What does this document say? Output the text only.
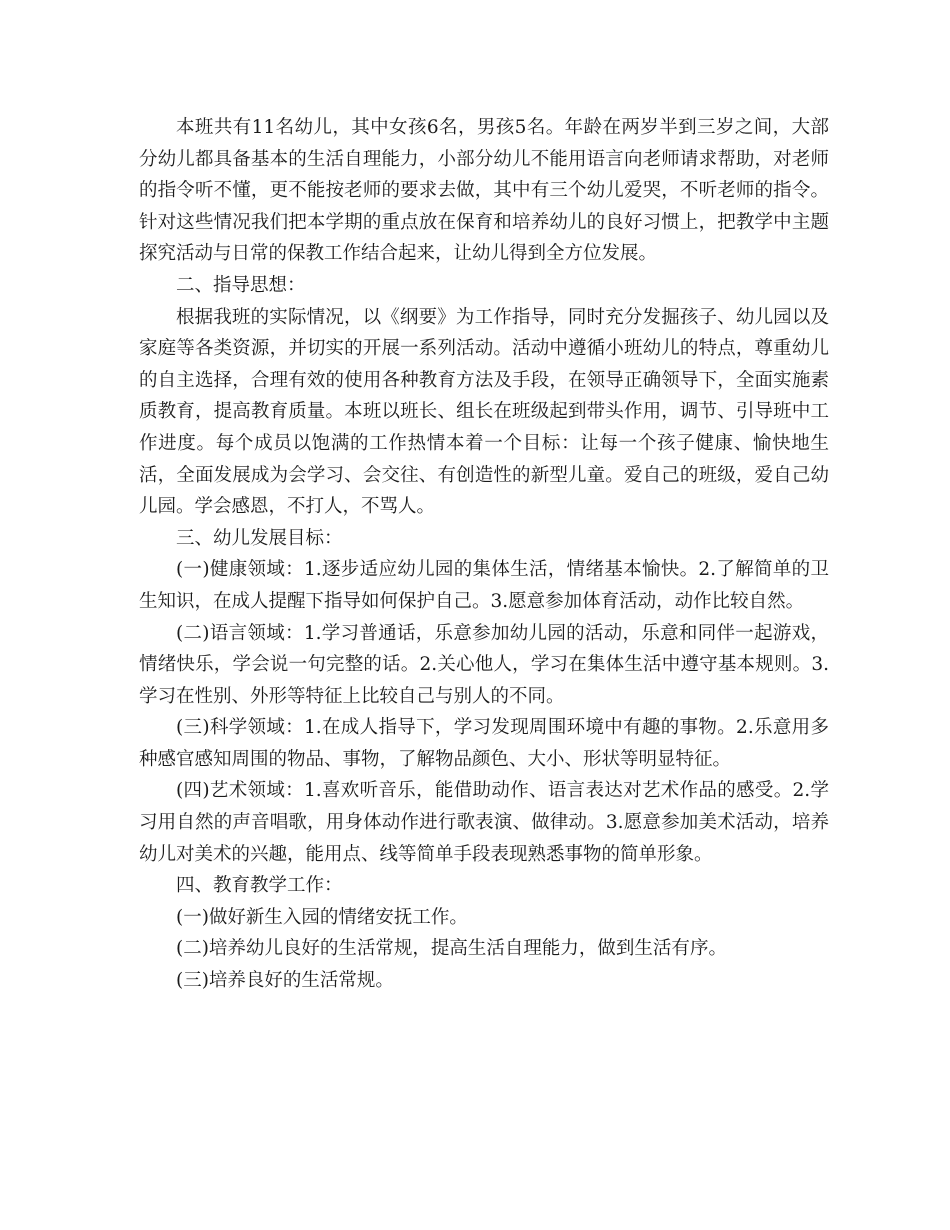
本班共有11名幼儿，其中女孩6名，男孩5名。年龄在两岁半到三岁之间，大部分幼儿都具备基本的生活自理能力，小部分幼儿不能用语言向老师请求帮助，对老师的指令听不懂，更不能按老师的要求去做，其中有三个幼儿爱哭，不听老师的指令。针对这些情况我们把本学期的重点放在保育和培养幼儿的良好习惯上，把教学中主题探究活动与日常的保教工作结合起来，让幼儿得到全方位发展。

二、指导思想：

根据我班的实际情况，以《纲要》为工作指导，同时充分发掘孩子、幼儿园以及家庭等各类资源，并切实的开展一系列活动。活动中遵循小班幼儿的特点，尊重幼儿的自主选择，合理有效的使用各种教育方法及手段，在领导正确领导下，全面实施素质教育，提高教育质量。本班以班长、组长在班级起到带头作用，调节、引导班中工作进度。每个成员以饱满的工作热情本着一个目标：让每一个孩子健康、愉快地生活，全面发展成为会学习、会交往、有创造性的新型儿童。爱自己的班级，爱自己幼儿园。学会感恩，不打人，不骂人。

三、幼儿发展目标：

(一)健康领域：1.逐步适应幼儿园的集体生活，情绪基本愉快。2.了解简单的卫生知识，在成人提醒下指导如何保护自己。3.愿意参加体育活动，动作比较自然。

(二)语言领域：1.学习普通话，乐意参加幼儿园的活动，乐意和同伴一起游戏，情绪快乐，学会说一句完整的话。2.关心他人，学习在集体生活中遵守基本规则。3.学习在性别、外形等特征上比较自己与别人的不同。

(三)科学领域：1.在成人指导下，学习发现周围环境中有趣的事物。2.乐意用多种感官感知周围的物品、事物，了解物品颜色、大小、形状等明显特征。

(四)艺术领域：1.喜欢听音乐，能借助动作、语言表达对艺术作品的感受。2.学习用自然的声音唱歌，用身体动作进行歌表演、做律动。3.愿意参加美术活动，培养幼儿对美术的兴趣，能用点、线等简单手段表现熟悉事物的简单形象。

四、教育教学工作：

(一)做好新生入园的情绪安抚工作。

(二)培养幼儿良好的生活常规，提高生活自理能力，做到生活有序。

(三)培养良好的生活常规。
